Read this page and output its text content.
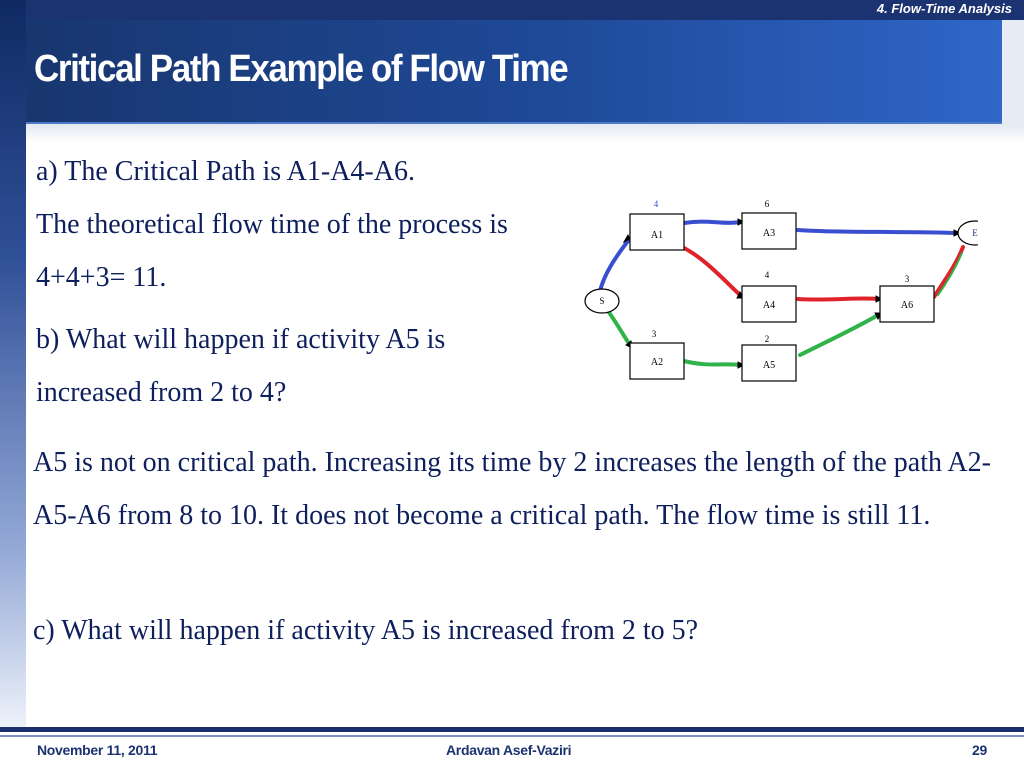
4. Flow-Time Analysis
Critical Path Example of Flow Time

a) The Critical Path is A1-A4-A6.

The theoretical flow time of the process is 4+4+3= 11.

b) What will happen if activity A5 is increased from 2 to 4?

4	6
4	3
3	2
A1	A3
A4	A6
A2	A5
S
E

A5 is not on critical path. Increasing its time by 2 increases the length of the path A2-A5-A6 from 8 to 10. It does not become a critical path. The flow time is still 11.

c) What will happen if activity A5 is increased from 2 to 5?
November 11, 2011	Ardavan Asef-Vaziri	29
